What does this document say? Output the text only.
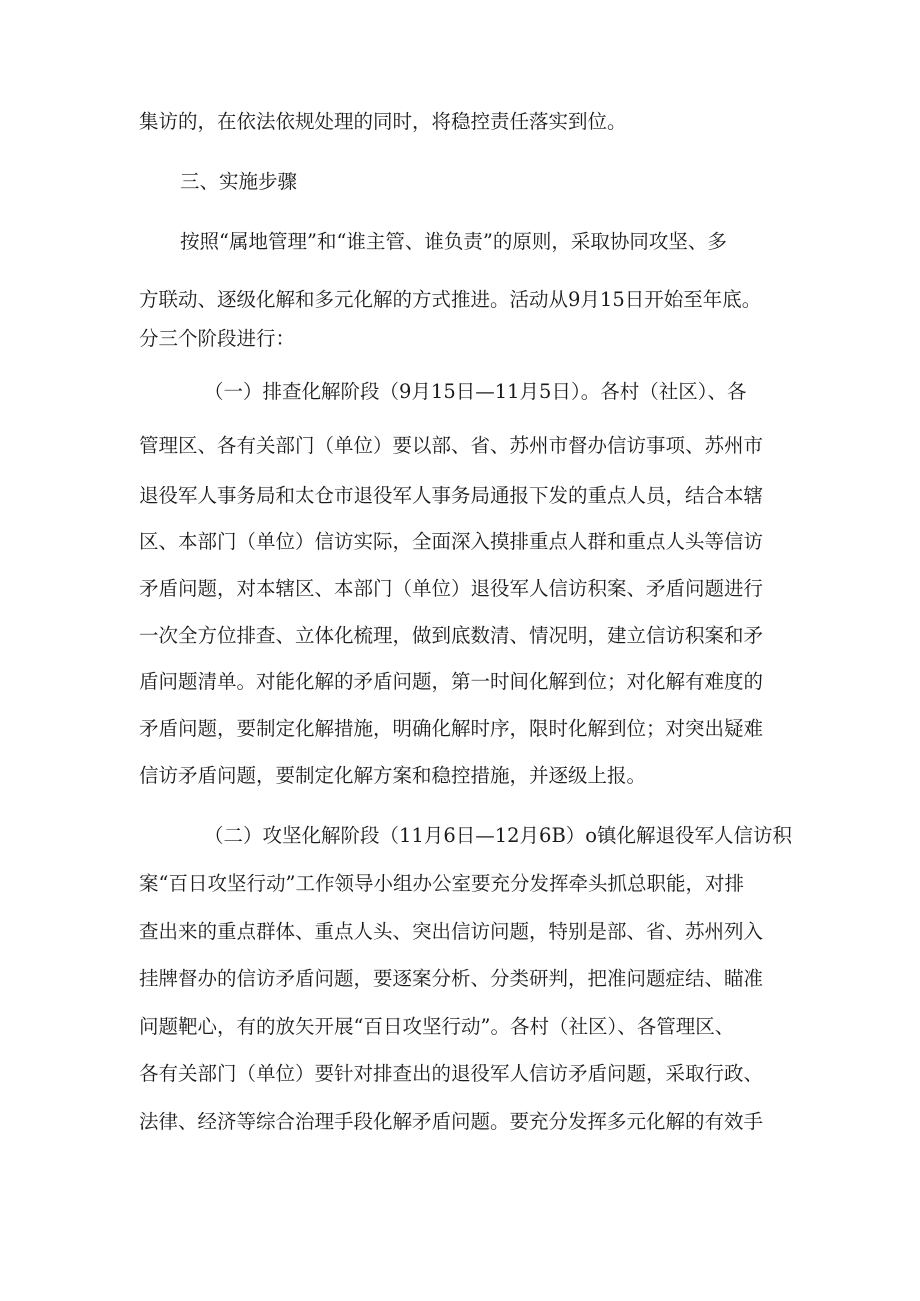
集访的，在依法依规处理的同时，将稳控责任落实到位。
三、实施步骤
按照“属地管理”和“谁主管、谁负责”的原则，采取协同攻坚、多
方联动、逐级化解和多元化解的方式推进。活动从9月15日开始至年底。
分三个阶段进行：
（一）排查化解阶段（9月15日—11月5日）。各村（社区）、各
管理区、各有关部门（单位）要以部、省、苏州市督办信访事项、苏州市
退役军人事务局和太仓市退役军人事务局通报下发的重点人员，结合本辖
区、本部门（单位）信访实际，全面深入摸排重点人群和重点人头等信访
矛盾问题，对本辖区、本部门（单位）退役军人信访积案、矛盾问题进行
一次全方位排查、立体化梳理，做到底数清、情况明，建立信访积案和矛
盾问题清单。对能化解的矛盾问题，第一时间化解到位；对化解有难度的
矛盾问题，要制定化解措施，明确化解时序，限时化解到位；对突出疑难
信访矛盾问题，要制定化解方案和稳控措施，并逐级上报。
（二）攻坚化解阶段（11月6日—12月6B）o镇化解退役军人信访积
案“百日攻坚行动”工作领导小组办公室要充分发挥牵头抓总职能，对排
查出来的重点群体、重点人头、突出信访问题，特别是部、省、苏州列入
挂牌督办的信访矛盾问题，要逐案分析、分类研判，把准问题症结、瞄准
问题靶心，有的放矢开展“百日攻坚行动”。各村（社区）、各管理区、
各有关部门（单位）要针对排查出的退役军人信访矛盾问题，采取行政、
法律、经济等综合治理手段化解矛盾问题。要充分发挥多元化解的有效手
